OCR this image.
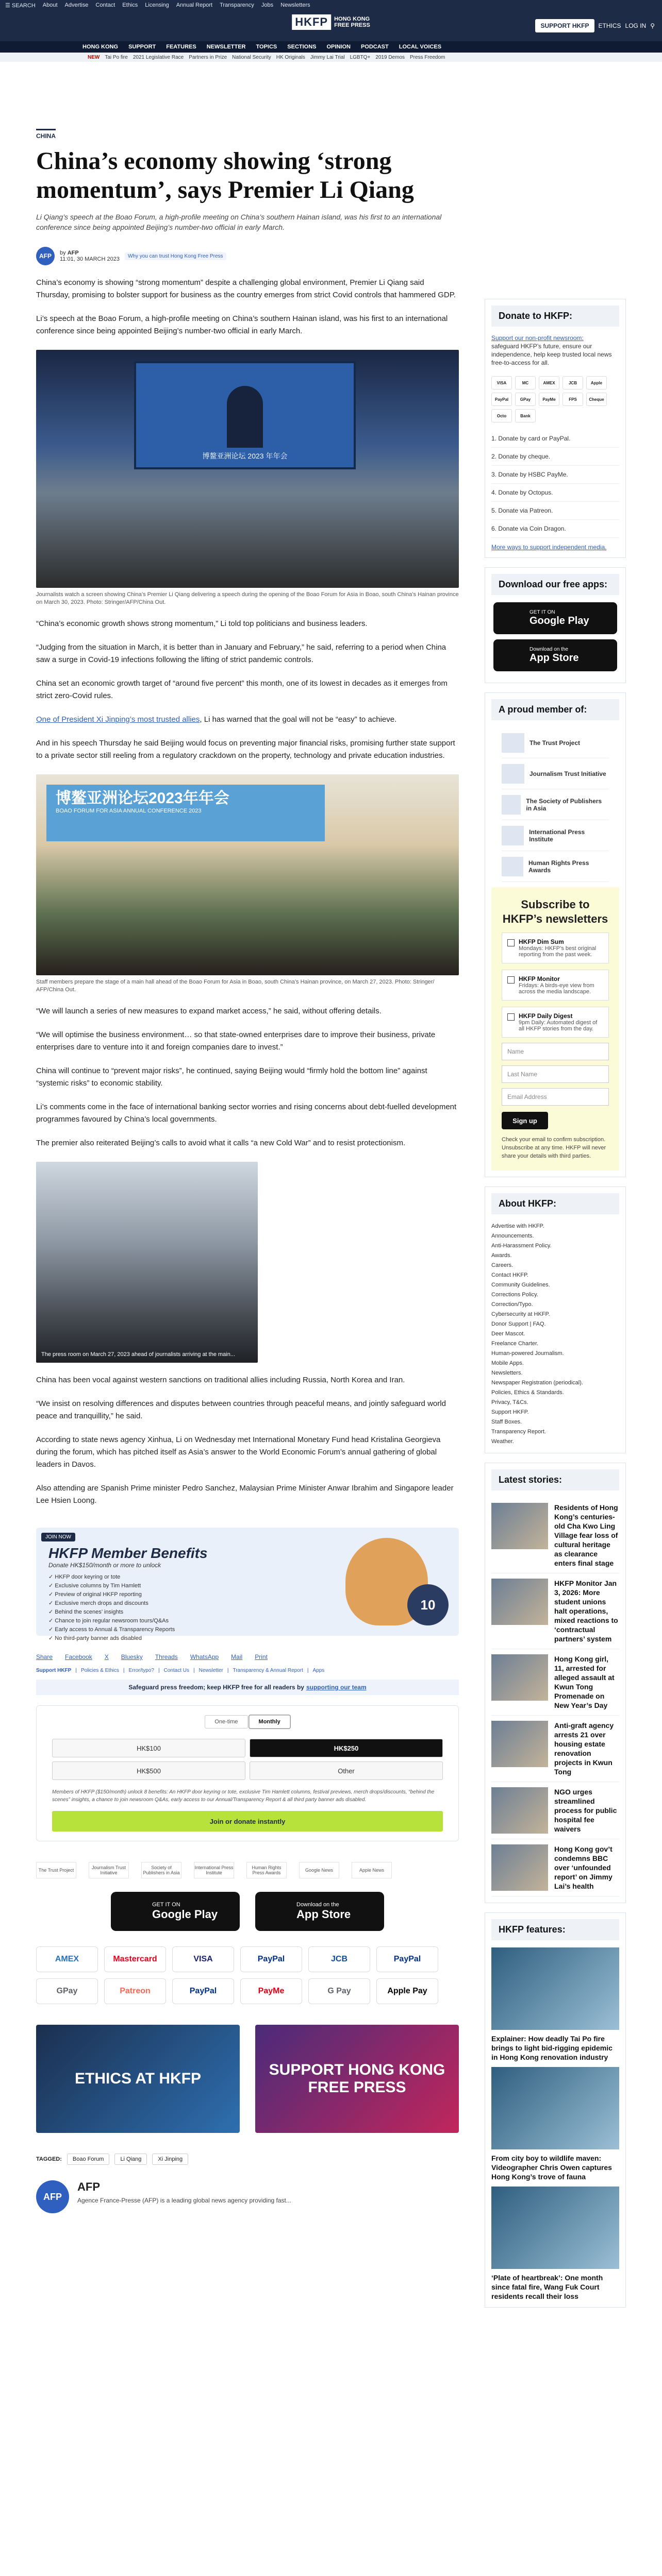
☰ SEARCH About Advertise Contact Ethics Licensing Annual Report Transparency Jobs Newsletters
HKFP	HONG KONG
FREE PRESS	SUPPORT HKFP	ETHICS LOG IN ⚲
HONG KONG SUPPORT FEATURES NEWSLETTER TOPICS SECTIONS OPINION PODCAST LOCAL VOICES
NEW Tai Po fire 2021 Legislative Race Partners in Prize National Security HK Originals Jimmy Lai Trial LGBTQ+ 2019 Demos Press Freedom
CHINA
China’s economy showing ‘strong momentum’, says Premier Li Qiang
Li Qiang’s speech at the Boao Forum, a high-profile meeting on China’s southern Hainan island, was his first to an international conference since being appointed Beijing’s number-two official in early March.
AFP	by AFP
11:01, 30 MARCH 2023	Why you can trust Hong Kong Free Press

China’s economy is showing “strong momentum” despite a challenging global environment, Premier Li Qiang said Thursday, promising to bolster support for business as the country emerges from strict Covid controls that hammered GDP.

Li’s speech at the Boao Forum, a high-profile meeting on China’s southern Hainan island, was his first to an international conference since being appointed Beijing’s number-two official in early March.

博鳌亚洲论坛 2023 年年会
Journalists watch a screen showing China’s Premier Li Qiang delivering a speech during the opening of the Boao Forum for Asia in Boao, south China’s Hainan province on March 30, 2023. Photo: Stringer/AFP/China Out.

“China’s economic growth shows strong momentum,” Li told top politicians and business leaders.

“Judging from the situation in March, it is better than in January and February,” he said, referring to a period when China saw a surge in Covid-19 infections following the lifting of strict pandemic controls.

China set an economic growth target of “around five percent” this month, one of its lowest in decades as it emerges from strict zero-Covid rules.

One of President Xi Jinping’s most trusted allies, Li has warned that the goal will not be “easy” to achieve.

And in his speech Thursday he said Beijing would focus on preventing major financial risks, promising further state support to a private sector still reeling from a regulatory crackdown on the property, technology and private education industries.

博鳌亚洲论坛2023年年会
BOAO FORUM FOR ASIA ANNUAL CONFERENCE 2023
Staff members prepare the stage of a main hall ahead of the Boao Forum for Asia in Boao, south China’s Hainan province, on March 27, 2023. Photo: Stringer/ AFP/China Out.

“We will launch a series of new measures to expand market access,” he said, without offering details.

“We will optimise the business environment… so that state-owned enterprises dare to improve their business, private enterprises dare to venture into it and foreign companies dare to invest.”

China will continue to “prevent major risks”, he continued, saying Beijing would “firmly hold the bottom line” against “systemic risks” to economic stability.

Li’s comments come in the face of international banking sector worries and rising concerns about debt-fuelled development programmes favoured by China’s local governments.

The premier also reiterated Beijing’s calls to avoid what it calls “a new Cold War” and to resist protectionism.

The press room on March 27, 2023 ahead of journalists arriving at the main...

China has been vocal against western sanctions on traditional allies including Russia, North Korea and Iran.

“We insist on resolving differences and disputes between countries through peaceful means, and jointly safeguard world peace and tranquillity,” he said.

According to state news agency Xinhua, Li on Wednesday met International Monetary Fund head Kristalina Georgieva during the forum, which has pitched itself as Asia’s answer to the World Economic Forum’s annual gathering of global leaders in Davos.

Also attending are Spanish Prime minister Pedro Sanchez, Malaysian Prime Minister Anwar Ibrahim and Singapore leader Lee Hsien Loong.

JOIN NOW
HKFP Member Benefits
Donate HK$150/month or more to unlock
✓ HKFP door keyring or tote
✓ Exclusive columns by Tim Hamlett
✓ Preview of original HKFP reporting
✓ Exclusive merch drops and discounts
✓ Behind the scenes’ insights
✓ Chance to join regular newsroom tours/Q&As
✓ Early access to Annual & Transparency Reports
✓ No third-party banner ads disabled
10
Share Facebook X Bluesky Threads WhatsApp Mail Print
Support HKFP | Policies & Ethics | Error/typo? | Contact Us | Newsletter | Transparency & Annual Report | Apps
Safeguard press freedom; keep HKFP free for all readers by supporting our team
One-time	Monthly
HK$100	HK$250
HK$500	Other
Members of HKFP ($150/month) unlock 8 benefits: An HKFP door keyring or tote, exclusive Tim Hamlett columns, festival previews, merch drops/discounts, “behind the scenes” insights, a chance to join newsroom Q&As, early access to our Annual/Transparency Report & all third party banner ads disabled.
Join or donate instantly
The Trust Project	Journalism Trust Initiative
Society of Publishers in Asia
International Press Institute
Human Rights Press Awards	Google News	Apple News
GET IT ON
Google Play
Download on the
App Store
AMEX	Mastercard	VISA	PayPal	JCB	PayPal
GPay	Patreon	PayPal	PayMe	G Pay	Apple Pay
ETHICS AT HKFP
SUPPORT HONG KONG FREE PRESS
TAGGED:	Boao Forum	Li Qiang	Xi Jinping
AFP
AFP
Agence France-Presse (AFP) is a leading global news agency providing fast...
Donate to HKFP:
Support our non-profit newsroom:
safeguard HKFP’s future, ensure our independence, help keep trusted local news free-to-access for all.
VISA	MC	AMEX	JCB	Apple
PayPal	GPay	PayMe	FPS	Cheque
Octo	Bank
1. Donate by card or PayPal.
2. Donate by cheque.
3. Donate by HSBC PayMe.
4. Donate by Octopus.
5. Donate via Patreon.
6. Donate via Coin Dragon.
More ways to support independent media.
Download our free apps:
GET IT ON
Google Play
Download on the
App Store
A proud member of:
The Trust Project
Journalism Trust Initiative
The Society of Publishers in Asia
International Press Institute
Human Rights Press Awards
Subscribe to HKFP’s newsletters
HKFP Dim Sum
Mondays: HKFP’s best original reporting from the past week.
HKFP Monitor
Fridays: A birds-eye view from across the media landscape.
HKFP Daily Digest
9pm Daily: Automated digest of all HKFP stories from the day.
Name
Last Name
Email Address
Sign up
Check your email to confirm subscription. Unsubscribe at any time. HKFP will never share your details with third parties.
About HKFP:
Advertise with HKFP.
Announcements.
Anti-Harassment Policy.
Awards.
Careers.
Contact HKFP.
Community Guidelines.
Corrections Policy.
Correction/Typo.
Cybersecurity at HKFP.
Donor Support | FAQ.
Deer Mascot.
Freelance Charter.
Human-powered Journalism.
Mobile Apps.
Newsletters.
Newspaper Registration (periodical).
Policies, Ethics & Standards.
Privacy, T&Cs.
Support HKFP.
Staff Boxes.
Transparency Report.
Weather.
Latest stories:
Residents of Hong Kong’s centuries-old Cha Kwo Ling Village fear loss of cultural heritage as clearance enters final stage
HKFP Monitor Jan 3, 2026: More student unions halt operations, mixed reactions to ‘contractual partners’ system
Hong Kong girl, 11, arrested for alleged assault at Kwun Tong Promenade on New Year’s Day
Anti-graft agency arrests 21 over housing estate renovation projects in Kwun Tong
NGO urges streamlined process for public hospital fee waivers
Hong Kong gov’t condemns BBC over ‘unfounded report’ on Jimmy Lai’s health
HKFP features:
Explainer: How deadly Tai Po fire brings to light bid-rigging epidemic in Hong Kong renovation industry
From city boy to wildlife maven: Videographer Chris Owen captures Hong Kong’s trove of fauna
‘Plate of heartbreak’: One month since fatal fire, Wang Fuk Court residents recall their loss
